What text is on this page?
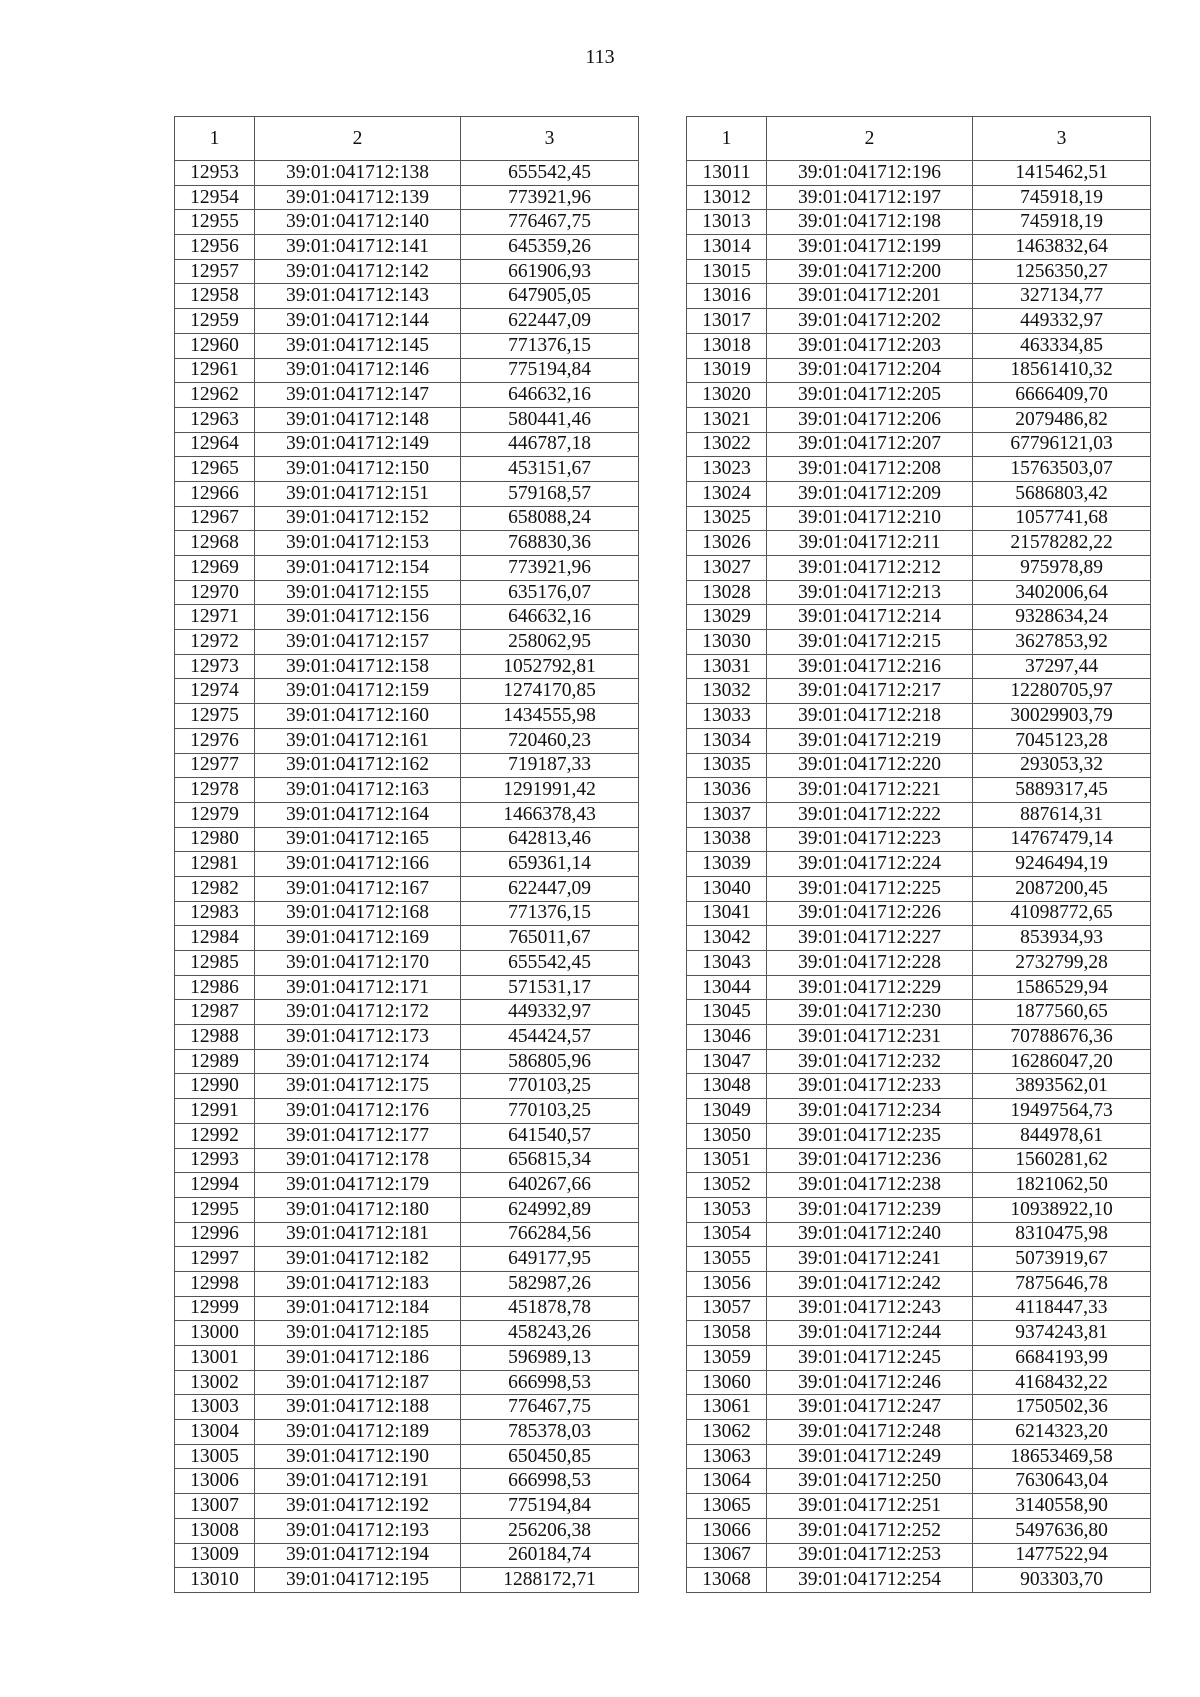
113
1	2	3
12953	39:01:041712:138	655542,45
12954	39:01:041712:139	773921,96
12955	39:01:041712:140	776467,75
12956	39:01:041712:141	645359,26
12957	39:01:041712:142	661906,93
12958	39:01:041712:143	647905,05
12959	39:01:041712:144	622447,09
12960	39:01:041712:145	771376,15
12961	39:01:041712:146	775194,84
12962	39:01:041712:147	646632,16
12963	39:01:041712:148	580441,46
12964	39:01:041712:149	446787,18
12965	39:01:041712:150	453151,67
12966	39:01:041712:151	579168,57
12967	39:01:041712:152	658088,24
12968	39:01:041712:153	768830,36
12969	39:01:041712:154	773921,96
12970	39:01:041712:155	635176,07
12971	39:01:041712:156	646632,16
12972	39:01:041712:157	258062,95
12973	39:01:041712:158	1052792,81
12974	39:01:041712:159	1274170,85
12975	39:01:041712:160	1434555,98
12976	39:01:041712:161	720460,23
12977	39:01:041712:162	719187,33
12978	39:01:041712:163	1291991,42
12979	39:01:041712:164	1466378,43
12980	39:01:041712:165	642813,46
12981	39:01:041712:166	659361,14
12982	39:01:041712:167	622447,09
12983	39:01:041712:168	771376,15
12984	39:01:041712:169	765011,67
12985	39:01:041712:170	655542,45
12986	39:01:041712:171	571531,17
12987	39:01:041712:172	449332,97
12988	39:01:041712:173	454424,57
12989	39:01:041712:174	586805,96
12990	39:01:041712:175	770103,25
12991	39:01:041712:176	770103,25
12992	39:01:041712:177	641540,57
12993	39:01:041712:178	656815,34
12994	39:01:041712:179	640267,66
12995	39:01:041712:180	624992,89
12996	39:01:041712:181	766284,56
12997	39:01:041712:182	649177,95
12998	39:01:041712:183	582987,26
12999	39:01:041712:184	451878,78
13000	39:01:041712:185	458243,26
13001	39:01:041712:186	596989,13
13002	39:01:041712:187	666998,53
13003	39:01:041712:188	776467,75
13004	39:01:041712:189	785378,03
13005	39:01:041712:190	650450,85
13006	39:01:041712:191	666998,53
13007	39:01:041712:192	775194,84
13008	39:01:041712:193	256206,38
13009	39:01:041712:194	260184,74
13010	39:01:041712:195	1288172,71
1	2	3
13011	39:01:041712:196	1415462,51
13012	39:01:041712:197	745918,19
13013	39:01:041712:198	745918,19
13014	39:01:041712:199	1463832,64
13015	39:01:041712:200	1256350,27
13016	39:01:041712:201	327134,77
13017	39:01:041712:202	449332,97
13018	39:01:041712:203	463334,85
13019	39:01:041712:204	18561410,32
13020	39:01:041712:205	6666409,70
13021	39:01:041712:206	2079486,82
13022	39:01:041712:207	67796121,03
13023	39:01:041712:208	15763503,07
13024	39:01:041712:209	5686803,42
13025	39:01:041712:210	1057741,68
13026	39:01:041712:211	21578282,22
13027	39:01:041712:212	975978,89
13028	39:01:041712:213	3402006,64
13029	39:01:041712:214	9328634,24
13030	39:01:041712:215	3627853,92
13031	39:01:041712:216	37297,44
13032	39:01:041712:217	12280705,97
13033	39:01:041712:218	30029903,79
13034	39:01:041712:219	7045123,28
13035	39:01:041712:220	293053,32
13036	39:01:041712:221	5889317,45
13037	39:01:041712:222	887614,31
13038	39:01:041712:223	14767479,14
13039	39:01:041712:224	9246494,19
13040	39:01:041712:225	2087200,45
13041	39:01:041712:226	41098772,65
13042	39:01:041712:227	853934,93
13043	39:01:041712:228	2732799,28
13044	39:01:041712:229	1586529,94
13045	39:01:041712:230	1877560,65
13046	39:01:041712:231	70788676,36
13047	39:01:041712:232	16286047,20
13048	39:01:041712:233	3893562,01
13049	39:01:041712:234	19497564,73
13050	39:01:041712:235	844978,61
13051	39:01:041712:236	1560281,62
13052	39:01:041712:238	1821062,50
13053	39:01:041712:239	10938922,10
13054	39:01:041712:240	8310475,98
13055	39:01:041712:241	5073919,67
13056	39:01:041712:242	7875646,78
13057	39:01:041712:243	4118447,33
13058	39:01:041712:244	9374243,81
13059	39:01:041712:245	6684193,99
13060	39:01:041712:246	4168432,22
13061	39:01:041712:247	1750502,36
13062	39:01:041712:248	6214323,20
13063	39:01:041712:249	18653469,58
13064	39:01:041712:250	7630643,04
13065	39:01:041712:251	3140558,90
13066	39:01:041712:252	5497636,80
13067	39:01:041712:253	1477522,94
13068	39:01:041712:254	903303,70
